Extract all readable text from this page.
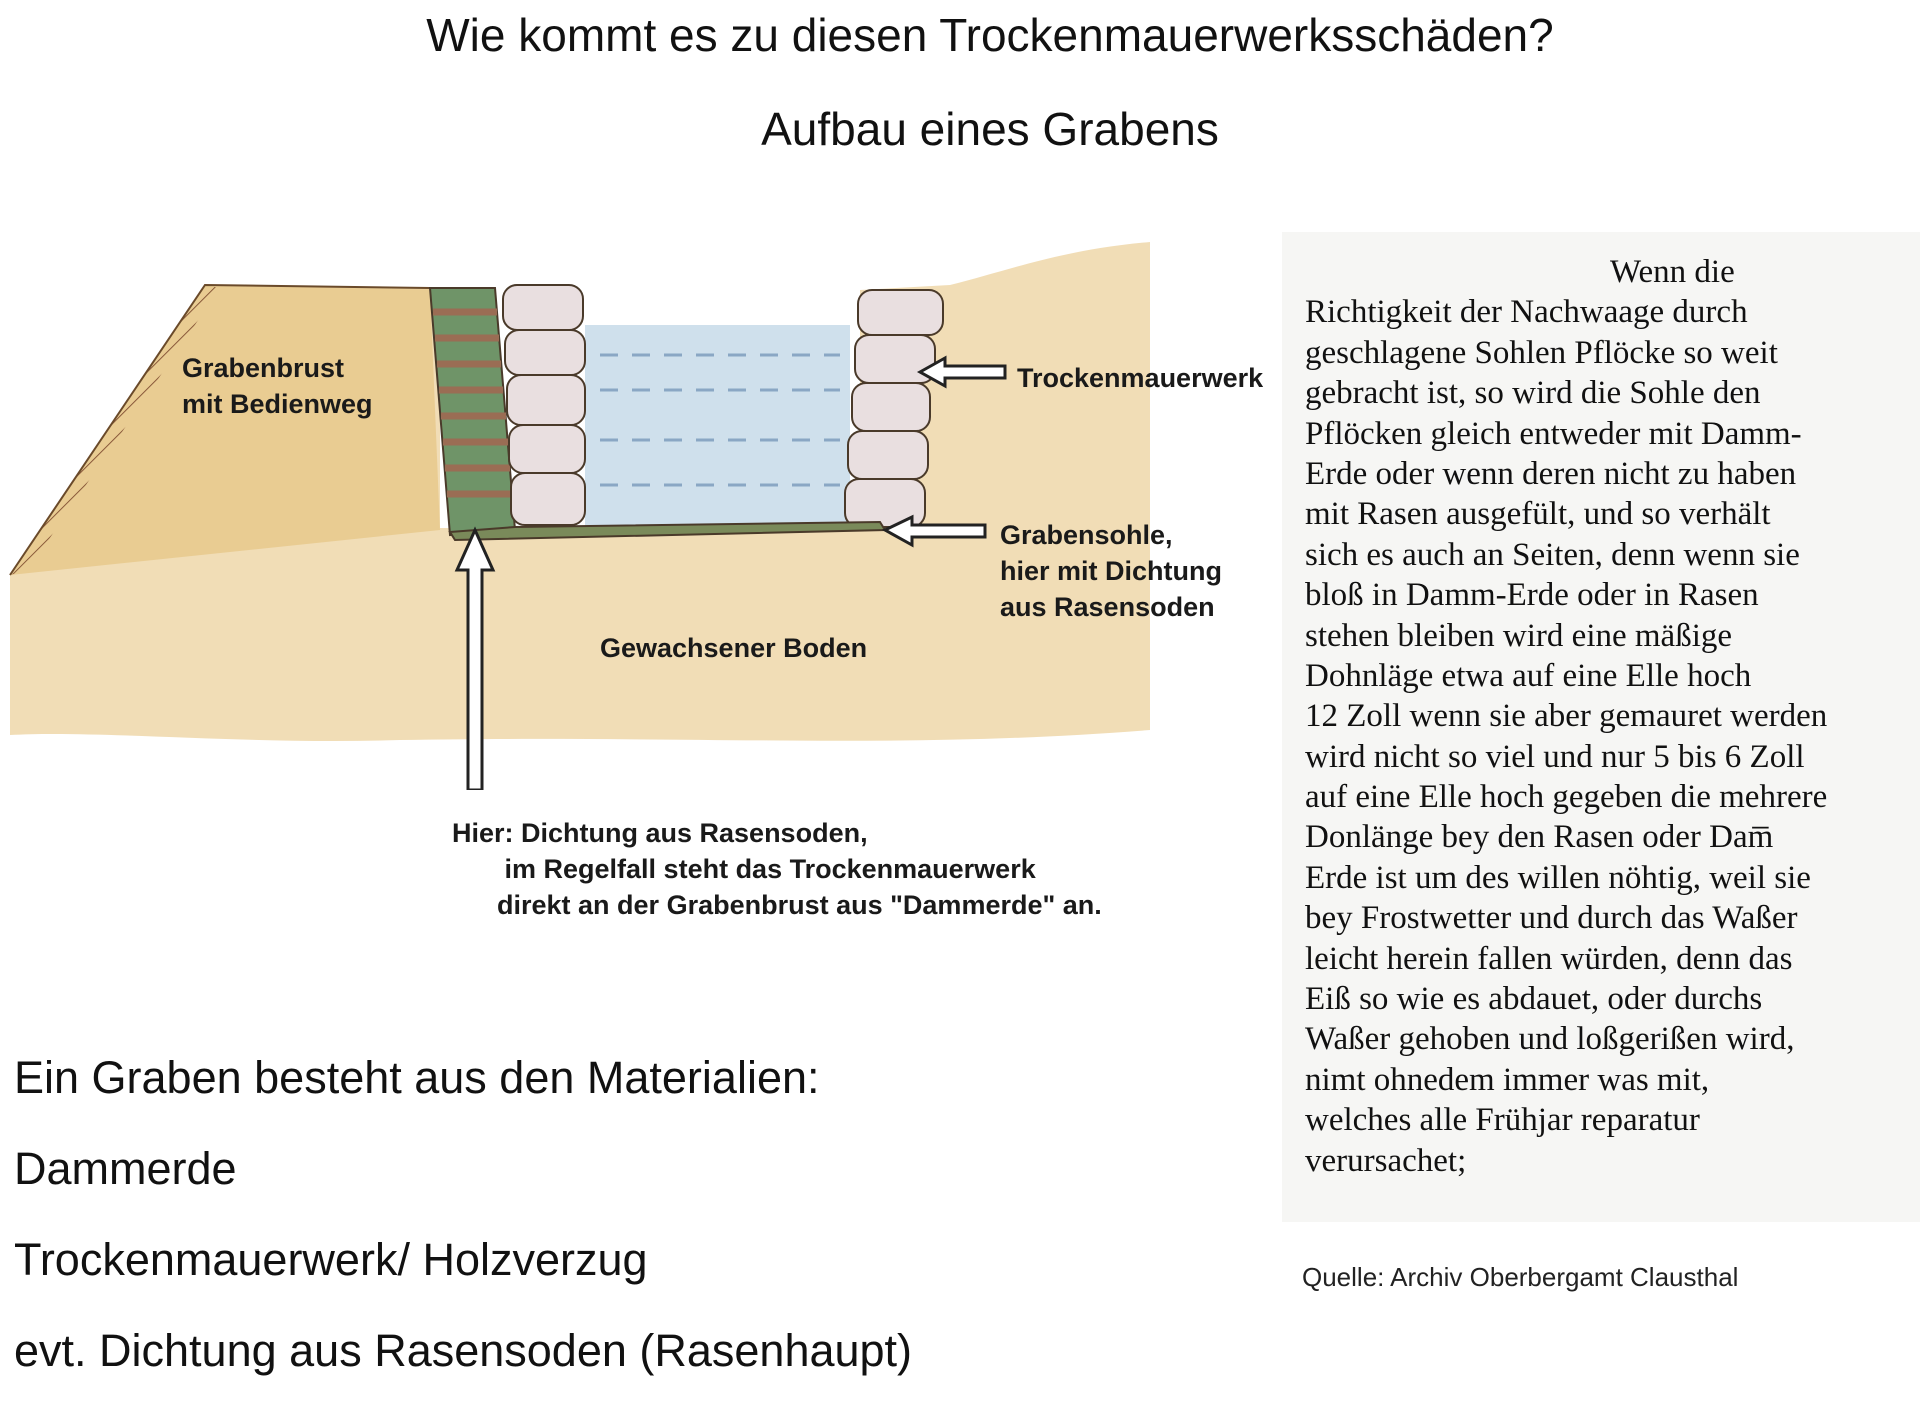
Wie kommt es zu diesen Trockenmauerwerksschäden?
Aufbau eines Grabens
Grabenbrust
mit Bedienweg
Trockenmauerwerk
Grabensohle,
hier mit Dichtung
aus Rasensoden
Gewachsener Boden
Hier: Dichtung aus Rasensoden,
im Regelfall steht das Trockenmauerwerk
direkt an der Grabenbrust aus "Dammerde" an.
Ein Graben besteht aus den Materialien:
Dammerde
Trockenmauerwerk/ Holzverzug
evt. Dichtung aus Rasensoden (Rasenhaupt)
Wenn die
Richtigkeit der Nachwaage durch
geschlagene Sohlen Pflöcke so weit
gebracht ist, so wird die Sohle den
Pflöcken gleich entweder mit Damm-
Erde oder wenn deren nicht zu haben
mit Rasen ausgefült, und so verhält
sich es auch an Seiten, denn wenn sie
bloß in Damm-Erde oder in Rasen
stehen bleiben wird eine mäßige
Dohnläge etwa auf eine Elle hoch
12 Zoll wenn sie aber gemauret werden
wird nicht so viel und nur 5 bis 6 Zoll
auf eine Elle hoch gegeben die mehrere
Donlänge bey den Rasen oder Dam̅
Erde ist um des willen nöhtig, weil sie
bey Frostwetter und durch das Waßer
leicht herein fallen würden, denn das
Eiß so wie es abdauet, oder durchs
Waßer gehoben und loßgerißen wird,
nimt ohnedem immer was mit,
welches alle Frühjar reparatur
verursachet;
Quelle: Archiv Oberbergamt Clausthal
